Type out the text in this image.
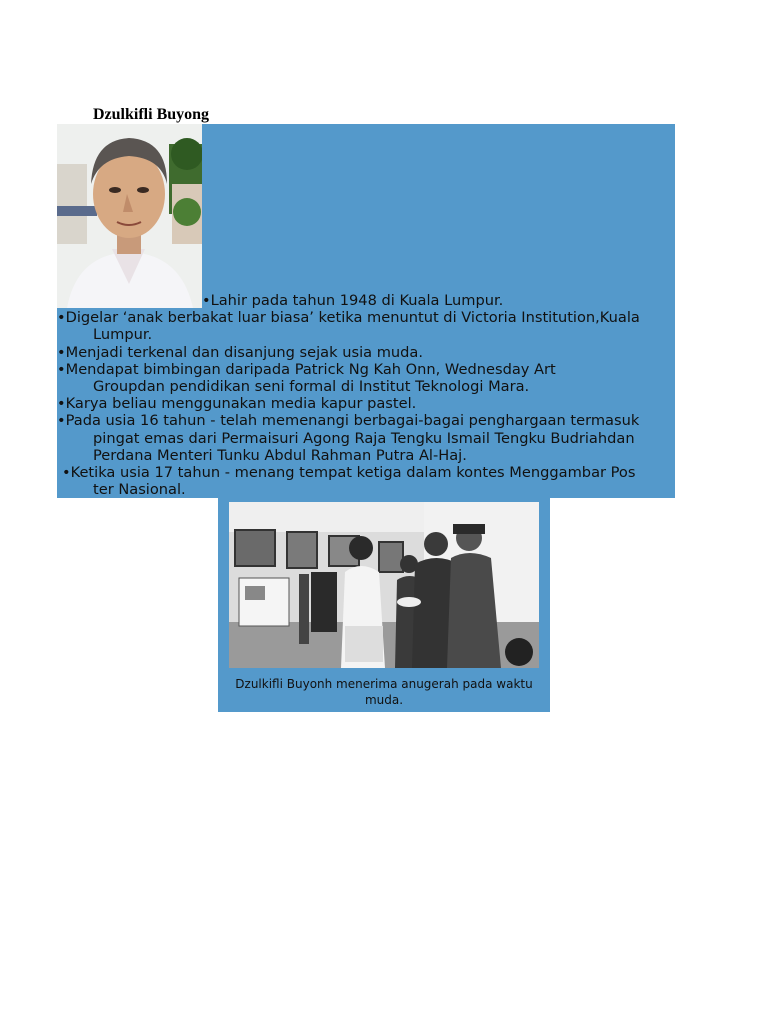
Dzulkifli Buyong
•Lahir pada tahun 1948 di Kuala Lumpur.
•Digelar ‘anak berbakat luar biasa’ ketika menuntut di Victoria Institution,Kuala
Lumpur.
•Menjadi terkenal dan disanjung sejak usia muda.
•Mendapat bimbingan daripada Patrick Ng Kah Onn, Wednesday Art
Groupdan pendidikan seni formal di Institut Teknologi Mara.
•Karya beliau menggunakan media kapur pastel.
•Pada usia 16 tahun - telah memenangi berbagai-bagai penghargaan termasuk
pingat emas dari Permaisuri Agong Raja Tengku Ismail Tengku Budriahdan
Perdana Menteri Tunku Abdul Rahman Putra Al-Haj.
•Ketika usia 17 tahun - menang tempat ketiga dalam kontes Menggambar Pos
ter Nasional.
Dzulkifli Buyonh menerima anugerah pada waktu
muda.
